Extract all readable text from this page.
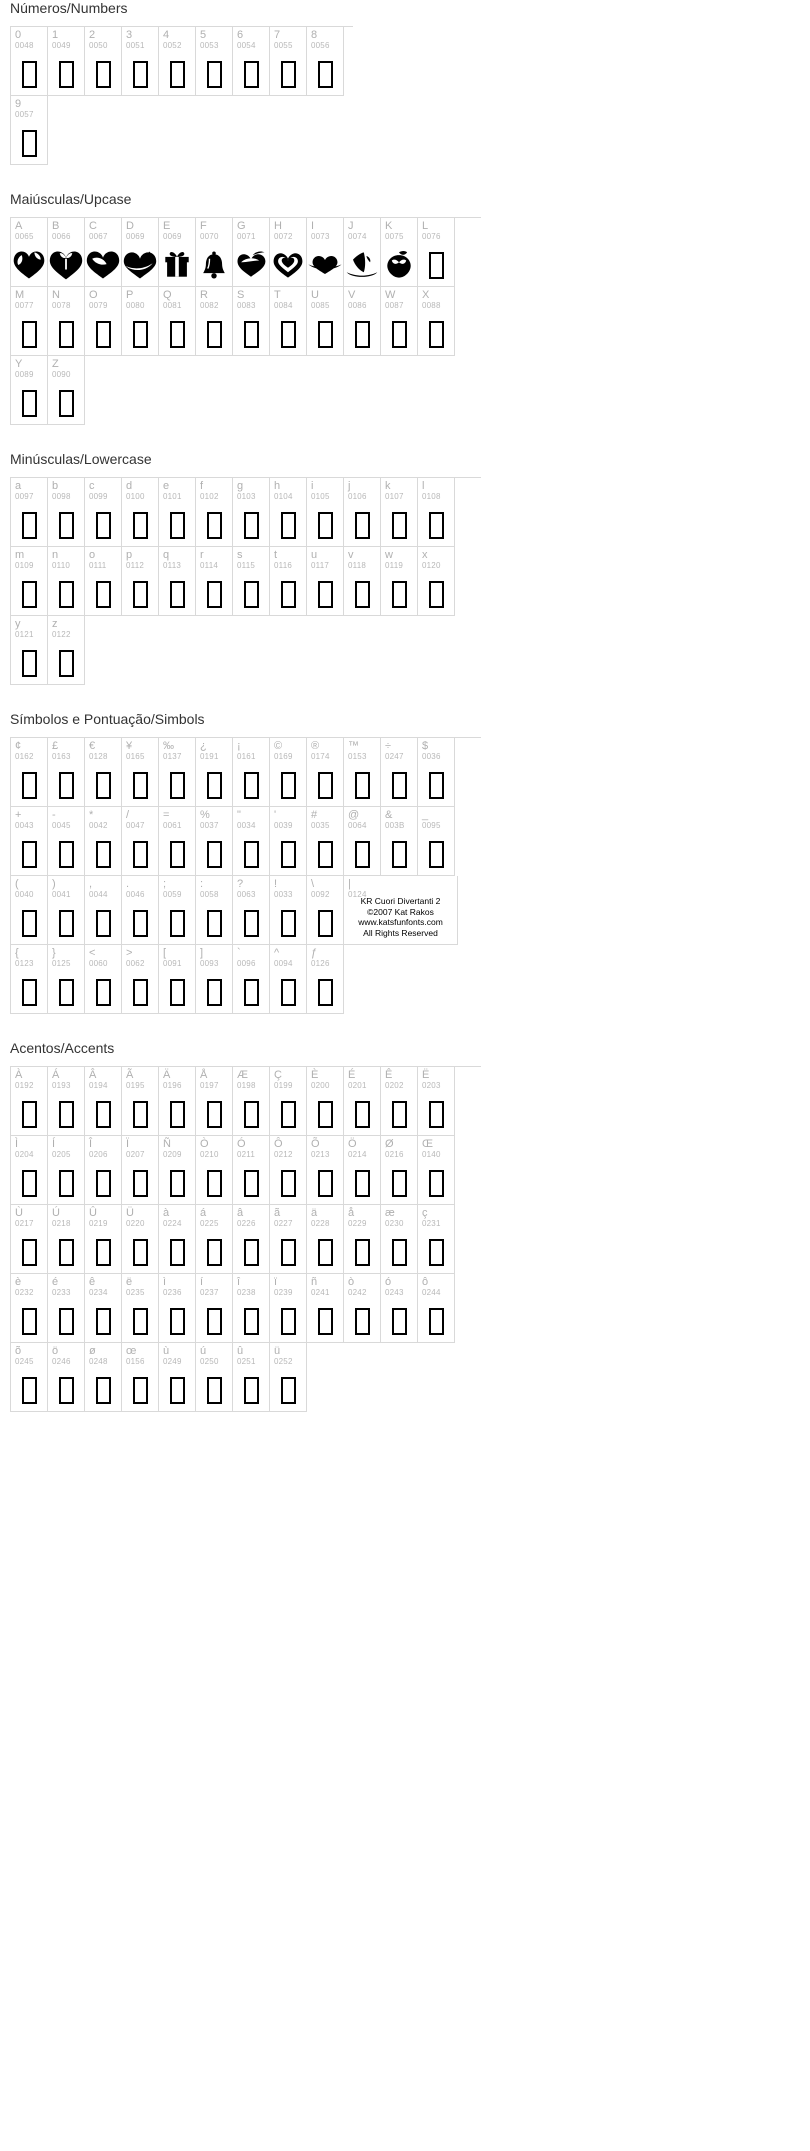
Números/Numbers
0
0048
1
0049
2
0050
3
0051
4
0052
5
0053
6
0054
7
0055
8
0056
9
0057
Maiúsculas/Upcase
A
0065
B
0066
C
0067
D
0069
E
0069
F
0070
G
0071
H
0072
I
0073
J
0074
K
0075
L
0076
M
0077
N
0078
O
0079
P
0080
Q
0081
R
0082
S
0083
T
0084
U
0085
V
0086
W
0087
X
0088
Y
0089
Z
0090
Minúsculas/Lowercase
a
0097
b
0098
c
0099
d
0100
e
0101
f
0102
g
0103
h
0104
i
0105
j
0106
k
0107
l
0108
m
0109
n
0110
o
0111
p
0112
q
0113
r
0114
s
0115
t
0116
u
0117
v
0118
w
0119
x
0120
y
0121
z
0122
Símbolos e Pontuação/Simbols
¢
0162
£
0163
€
0128
¥
0165
‰
0137
¿
0191
¡
0161
©
0169
®
0174
™
0153
÷
0247
$
0036
+
0043
-
0045
*
0042
/
0047
=
0061
%
0037
"
0034
'
0039
#
0035
@
0064
&
003B
_
0095
(
0040
)
0041
,
0044
.
0046
;
0059
:
0058
?
0063
!
0033
\
0092
|
0124
KR Cuori Divertanti 2
©2007 Kat Rakos
www.katsfunfonts.com
All Rights Reserved
{
0123
}
0125
<
0060
>
0062
[
0091
]
0093
`
0096
^
0094
ƒ
0126
Acentos/Accents
À
0192
Á
0193
Â
0194
Ã
0195
Ä
0196
Å
0197
Æ
0198
Ç
0199
È
0200
É
0201
Ê
0202
Ë
0203
Ì
0204
Í
0205
Î
0206
Ï
0207
Ñ
0209
Ò
0210
Ó
0211
Ô
0212
Õ
0213
Ö
0214
Ø
0216
Œ
0140
Ù
0217
Ú
0218
Û
0219
Ü
0220
à
0224
á
0225
â
0226
ã
0227
ä
0228
å
0229
æ
0230
ç
0231
è
0232
é
0233
ê
0234
ë
0235
ì
0236
í
0237
î
0238
ï
0239
ñ
0241
ò
0242
ó
0243
ô
0244
õ
0245
ö
0246
ø
0248
œ
0156
ù
0249
ú
0250
û
0251
ü
0252
